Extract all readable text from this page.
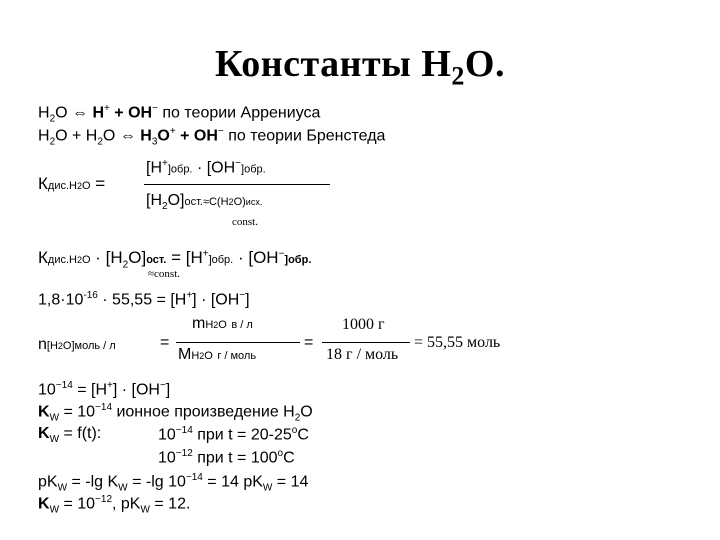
Константы $Н_2О$.
$H_2O$ ⇔ H+ + OH− по теории Аррениуса
$H_2O + H_2O$ ⇔ $H_3O^+ + OH^-$ по теории Бренстеда
Кдис.Н2О =
[H+]обр. · [OH−]обр.
$[H_2O]ост.\approx C(H2O)исх$.
const.
Кдис.Н2О · $[H_2O]ост$. = [H+]обр. · [OH−]обр.
≈const.
$1,8\cdot 10^{-16} \cdot 55,55 = [H^+] \cdot [OH^-]$
n[H2O]моль / л	=
mH2O в / л
MH2O г / моль
=
1000 г
18 г / моль
= 55,55 моль
$10^{-14} = [H^+] \cdot [OH^-]$
$K_W = 10^{-14}$ ионное произведение $H_2O$
$K_W = f(t)$:	$10^{-14}$ при $t = 20-25^oC$
$10^{-12}$ при $t = 100^oC$
$pK_W = -\lg$ $K_W = -\lg$ $10^{-14} = 14$ $pK_W = 14$
$K_W = 10^{-12}$, $pK_W = 12$.
